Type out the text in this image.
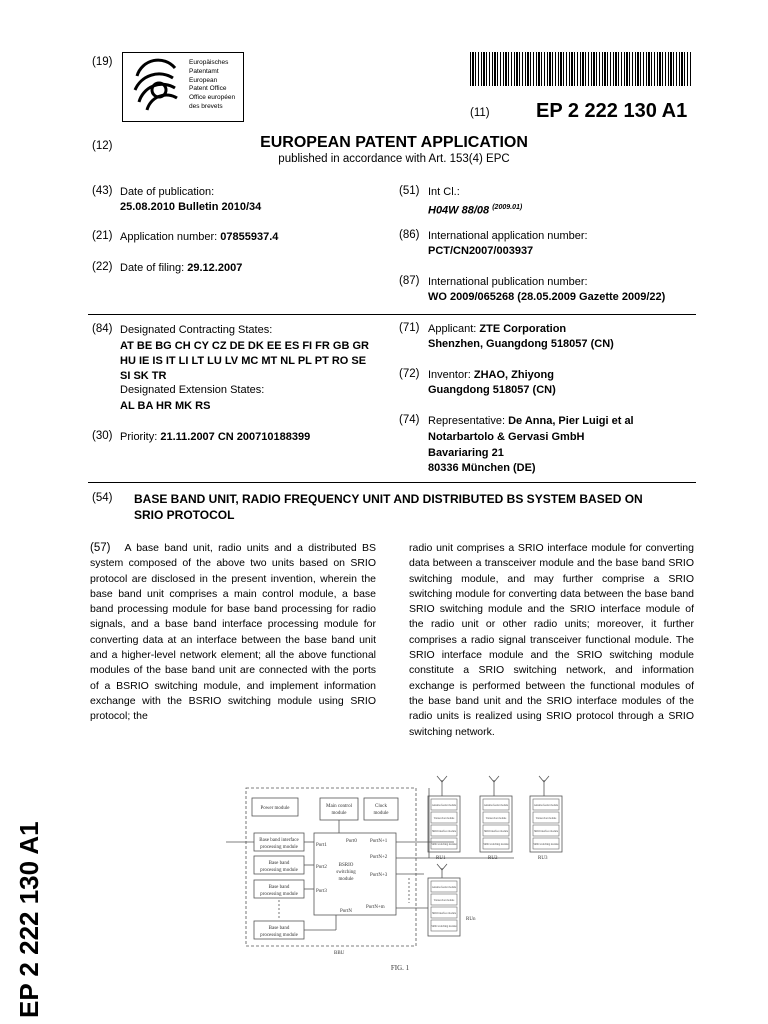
(19)	Europäisches
Patentamt
European
Patent Office
Office européen
des brevets
(11) EP 2 222 130 A1
(12)	EUROPEAN PATENT APPLICATION
published in accordance with Art. 153(4) EPC
(43) Date of publication:
25.08.2010 Bulletin 2010/34
(21) Application number: 07855937.4
(22) Date of filing: 29.12.2007
(51) Int Cl.:
H04W 88/08 $^{(2009.01)}$
(86) International application number:
PCT/CN2007/003937
(87) International publication number:
WO 2009/065268 (28.05.2009 Gazette 2009/22)
(84) Designated Contracting States:
AT BE BG CH CY CZ DE DK EE ES FI FR GB GR
HU IE IS IT LI LT LU LV MC MT NL PL PT RO SE
SI SK TR
Designated Extension States:
AL BA HR MK RS
(30) Priority: 21.11.2007 CN 200710188399
(71) Applicant: ZTE Corporation
Shenzhen, Guangdong 518057 (CN)
(72) Inventor: ZHAO, Zhiyong
Guangdong 518057 (CN)
(74) Representative: De Anna, Pier Luigi et al
Notarbartolo & Gervasi GmbH
Bavariaring 21
80336 München (DE)
(54) BASE BAND UNIT, RADIO FREQUENCY UNIT AND DISTRIBUTED BS SYSTEM BASED ON
SRIO PROTOCOL
(57) A base band unit, radio units and a distributed BS system composed of the above two units based on SRIO protocol are disclosed in the present invention, wherein the base band unit comprises a main control module, a base band processing module for base band processing for radio signals, and a base band interface processing module for converting data at an interface between the base band unit and a higher-level network element; all the above functional modules of the base band unit are connected with the ports of a BSRIO switching module, and implement information exchange with the BSRIO switching module using SRIO protocol; the
radio unit comprises a SRIO interface module for converting data between a transceiver module and the base band SRIO switching module, and may further comprise a SRIO switching module for converting data between the base band SRIO switching module and the SRIO interface module of the radio unit or other radio units; moreover, it further comprises a radio signal transceiver functional module. The SRIO interface module and the SRIO switching module constitute a SRIO switching network, and information exchange is performed between the functional modules of the base band unit and the SRIO interface modules of the radio units is realized using SRIO protocol through a SRIO switching network.
Antenna feeder module
Transceiver module
SRIO interface module
SRIO switching module
Antenna feeder module
Transceiver module
SRIO interface module
SRIO switching module
Antenna feeder module
Transceiver module
SRIO interface module
SRIO switching module
Antenna feeder module
Transceiver module
SRIO interface module
SRIO switching module
Power module	Main control
module
Clock
module
Base band interface
processing module
Base band
processing module
Base band
processing module
Base band
processing module
Port0
Port1
Port2
Port3
PortN
PortN+1
PortN+2
PortN+3
PortN+m
BSRIO
switching
module
BBU
RU1	RU2	RU3
RUn
FIG. 1
EP 2 222 130 A1
